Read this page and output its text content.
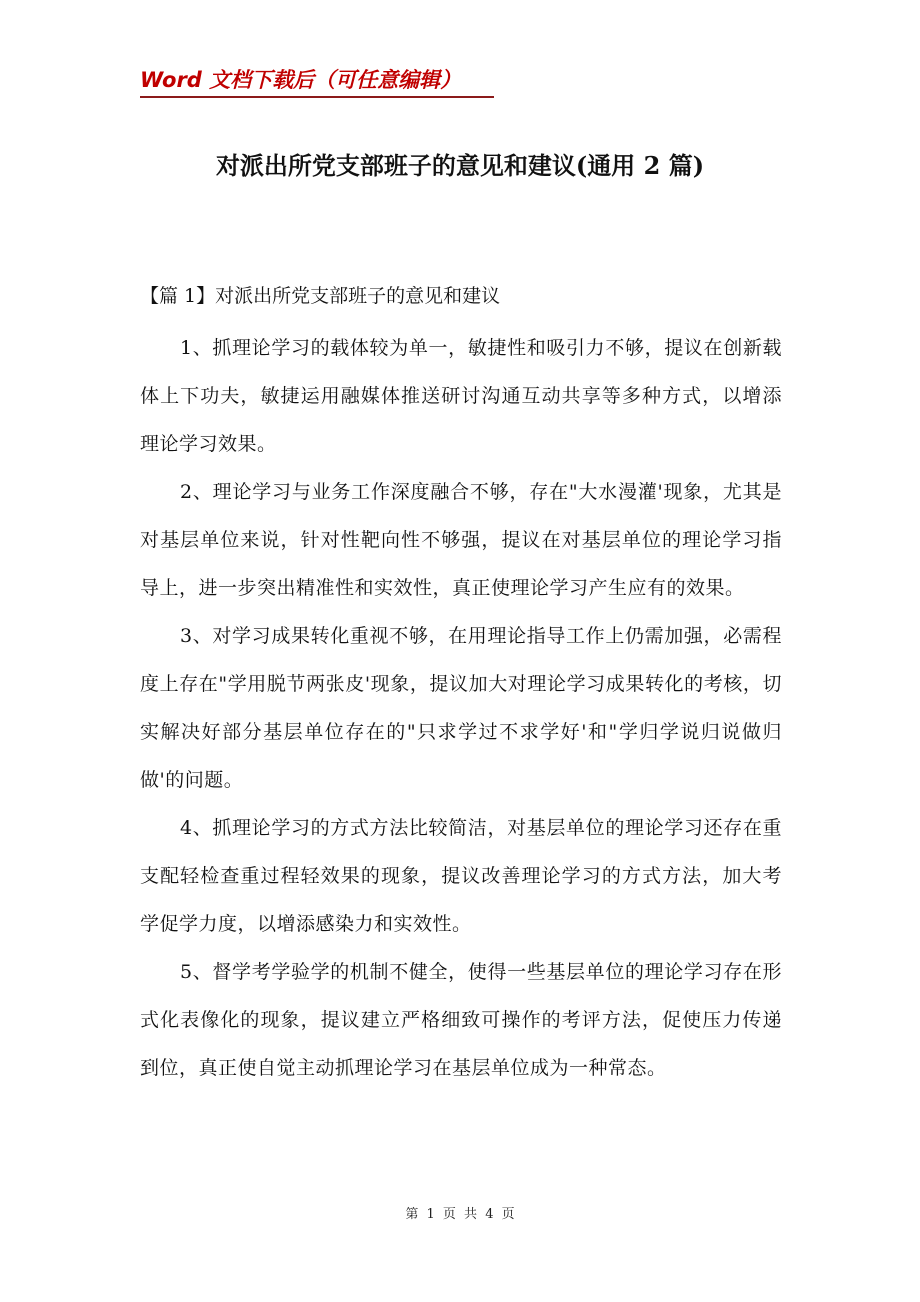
Word 文档下载后（可任意编辑）
对派出所党支部班子的意见和建议(通用 2 篇)
【篇 1】对派出所党支部班子的意见和建议

1、抓理论学习的载体较为单一，敏捷性和吸引力不够，提议在创新载体上下功夫，敏捷运用融媒体推送研讨沟通互动共享等多种方式，以增添理论学习效果。

2、理论学习与业务工作深度融合不够，存在"大水漫灌'现象，尤其是对基层单位来说，针对性靶向性不够强，提议在对基层单位的理论学习指导上，进一步突出精准性和实效性，真正使理论学习产生应有的效果。

3、对学习成果转化重视不够，在用理论指导工作上仍需加强，必需程度上存在"学用脱节两张皮'现象，提议加大对理论学习成果转化的考核，切实解决好部分基层单位存在的"只求学过不求学好'和"学归学说归说做归做'的问题。

4、抓理论学习的方式方法比较简洁，对基层单位的理论学习还存在重支配轻检查重过程轻效果的现象，提议改善理论学习的方式方法，加大考学促学力度，以增添感染力和实效性。

5、督学考学验学的机制不健全，使得一些基层单位的理论学习存在形式化表像化的现象，提议建立严格细致可操作的考评方法，促使压力传递到位，真正使自觉主动抓理论学习在基层单位成为一种常态。

第 1 页 共 4 页
